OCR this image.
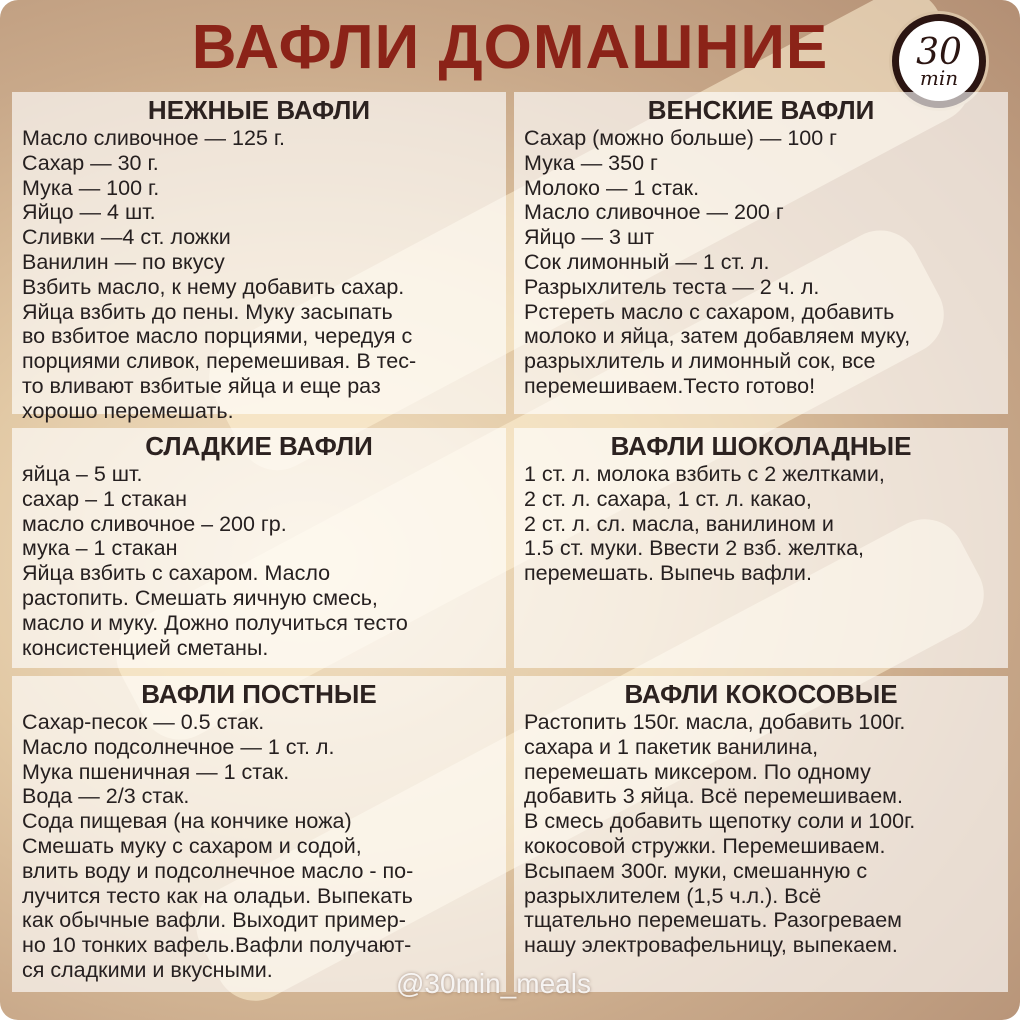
ВАФЛИ ДОМАШНИЕ	30
min
НЕЖНЫЕ ВАФЛИ
Масло сливочное — 125 г.
Сахар — 30 г.
Мука — 100 г.
Яйцо — 4 шт.
Сливки —4 ст. ложки
Ванилин — по вкусу
Взбить масло, к нему добавить сахар.
Яйца взбить до пены. Муку засыпать
во взбитое масло порциями, чередуя с
порциями сливок, перемешивая. В тес-
то вливают взбитые яйца и еще раз
хорошо перемешать.
ВЕНСКИЕ ВАФЛИ
Сахар (можно больше) — 100 г
Мука — 350 г
Молоко — 1 стак.
Масло сливочное — 200 г
Яйцо — 3 шт
Сок лимонный — 1 ст. л.
Разрыхлитель теста — 2 ч. л.
Рстереть масло с сахаром, добавить
молоко и яйца, затем добавляем муку,
разрыхлитель и лимонный сок, все
перемешиваем.Тесто готово!
СЛАДКИЕ ВАФЛИ
яйца – 5 шт.
сахар – 1 стакан
масло сливочное – 200 гр.
мука – 1 стакан
Яйца взбить с сахаром. Масло
растопить. Смешать яичную смесь,
масло и муку. Дожно получиться тесто
консистенцией сметаны.
ВАФЛИ ШОКОЛАДНЫЕ
1 ст. л. молока взбить с 2 желтками,
2 ст. л. сахара, 1 ст. л. какао,
2 ст. л. сл. масла, ванилином и
1.5 ст. муки. Ввести 2 взб. желтка,
перемешать. Выпечь вафли.
ВАФЛИ ПОСТНЫЕ
Сахар-песок — 0.5 стак.
Масло подсолнечное — 1 ст. л.
Мука пшеничная — 1 стак.
Вода — 2/3 стак.
Сода пищевая (на кончике ножа)
Смешать муку с сахаром и содой,
влить воду и подсолнечное масло - по-
лучится тесто как на оладьи. Выпекать
как обычные вафли. Выходит пример-
но 10 тонких вафель.Вафли получают-
ся сладкими и вкусными.
ВАФЛИ КОКОСОВЫЕ
Растопить 150г. масла, добавить 100г.
сахара и 1 пакетик ванилина,
перемешать миксером. По одному
добавить 3 яйца. Всё перемешиваем.
В смесь добавить щепотку соли и 100г.
кокосовой стружки. Перемешиваем.
Всыпаем 300г. муки, смешанную с
разрыхлителем (1,5 ч.л.). Всё
тщательно перемешать. Разогреваем
нашу электровафельницу, выпекаем.
@30min_meals
